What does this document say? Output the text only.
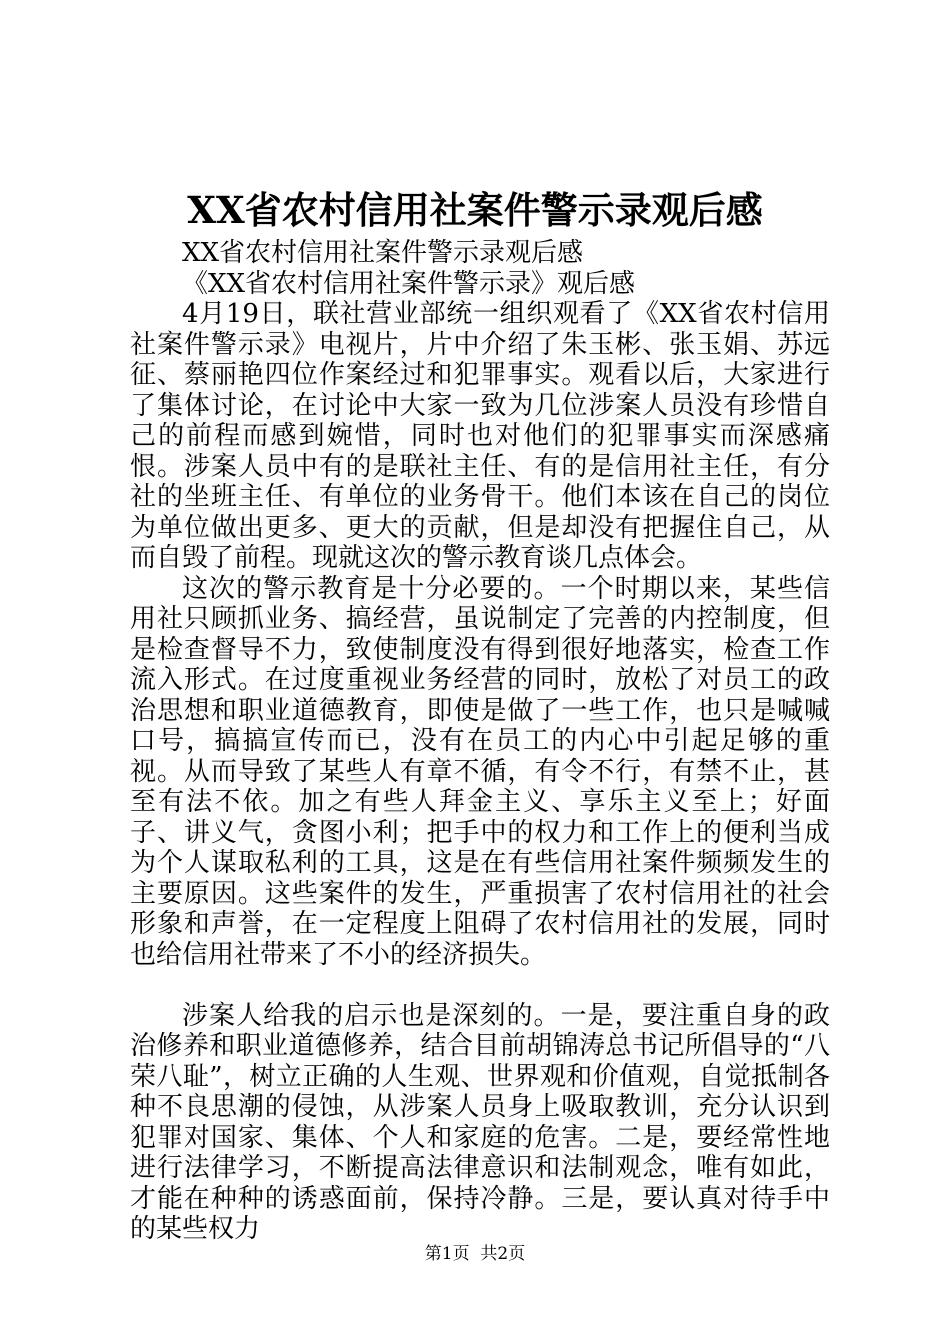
XX省农村信用社案件警示录观后感

XX省农村信用社案件警示录观后感

《XX省农村信用社案件警示录》观后感

4月19日，联社营业部统一组织观看了《XX省农村信用社案件警示录》电视片，片中介绍了朱玉彬、张玉娟、苏远征、蔡丽艳四位作案经过和犯罪事实。观看以后，大家进行了集体讨论，在讨论中大家一致为几位涉案人员没有珍惜自己的前程而感到婉惜，同时也对他们的犯罪事实而深感痛恨。涉案人员中有的是联社主任、有的是信用社主任，有分社的坐班主任、有单位的业务骨干。他们本该在自己的岗位为单位做出更多、更大的贡献，但是却没有把握住自己，从而自毁了前程。现就这次的警示教育谈几点体会。

这次的警示教育是十分必要的。一个时期以来，某些信用社只顾抓业务、搞经营，虽说制定了完善的内控制度，但是检查督导不力，致使制度没有得到很好地落实，检查工作流入形式。在过度重视业务经营的同时，放松了对员工的政治思想和职业道德教育，即使是做了一些工作，也只是喊喊口号，搞搞宣传而已，没有在员工的内心中引起足够的重视。从而导致了某些人有章不循，有令不行，有禁不止，甚至有法不依。加之有些人拜金主义、享乐主义至上；好面子、讲义气，贪图小利；把手中的权力和工作上的便利当成为个人谋取私利的工具，这是在有些信用社案件频频发生的主要原因。这些案件的发生，严重损害了农村信用社的社会形象和声誉，在一定程度上阻碍了农村信用社的发展，同时也给信用社带来了不小的经济损失。

涉案人给我的启示也是深刻的。一是，要注重自身的政治修养和职业道德修养，结合目前胡锦涛总书记所倡导的“八荣八耻”，树立正确的人生观、世界观和价值观，自觉抵制各种不良思潮的侵蚀，从涉案人员身上吸取教训，充分认识到犯罪对国家、集体、个人和家庭的危害。二是，要经常性地进行法律学习，不断提高法律意识和法制观念，唯有如此，才能在种种的诱惑面前，保持冷静。三是，要认真对待手中的某些权力

第1页  共2页
